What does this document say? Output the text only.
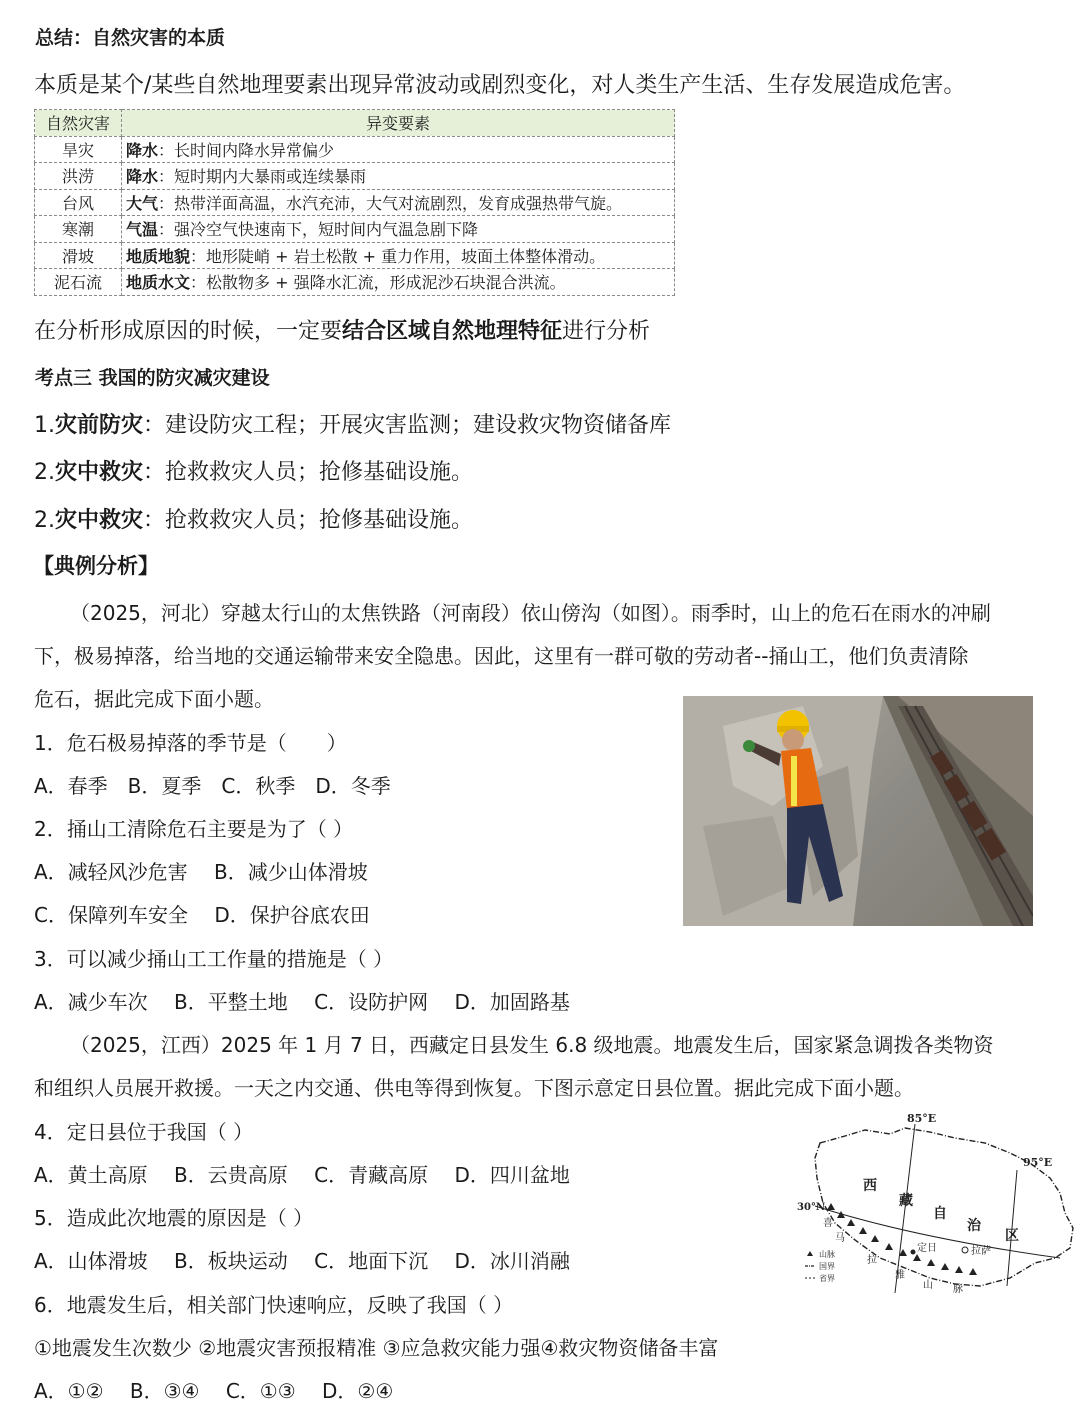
总结：自然灾害的本质
本质是某个/某些自然地理要素出现异常波动或剧烈变化，对人类生产生活、生存发展造成危害。
自然灾害	异变要素
旱灾	降水：长时间内降水异常偏少
洪涝	降水：短时期内大暴雨或连续暴雨
台风	大气：热带洋面高温，水汽充沛，大气对流剧烈，发育成强热带气旋。
寒潮	气温：强冷空气快速南下，短时间内气温急剧下降
滑坡	地质地貌：地形陡峭 + 岩土松散 + 重力作用，坡面土体整体滑动。
泥石流	地质水文：松散物多 + 强降水汇流，形成泥沙石块混合洪流。
在分析形成原因的时候，一定要结合区域自然地理特征进行分析
考点三 我国的防灾减灾建设
1.灾前防灾：建设防灾工程；开展灾害监测；建设救灾物资储备库
2.灾中救灾：抢救救灾人员；抢修基础设施。
2.灾中救灾：抢救救灾人员；抢修基础设施。
【典例分析】
（2025，河北）穿越太行山的太焦铁路（河南段）依山傍沟（如图）。雨季时，山上的危石在雨水的冲刷
下，极易掉落，给当地的交通运输带来安全隐患。因此，这里有一群可敬的劳动者--捅山工，他们负责清除
危石，据此完成下面小题。
1．危石极易掉落的季节是（　　）
A．春季　B．夏季　C．秋季　D．冬季
2．捅山工清除危石主要是为了（ ）
A．减轻风沙危害　 B．减少山体滑坡
C．保障列车安全　 D．保护谷底农田
3．可以减少捅山工工作量的措施是（ ）
A．减少车次　 B．平整土地　 C．设防护网　 D．加固路基
（2025，江西）2025 年 1 月 7 日，西藏定日县发生 6.8 级地震。地震发生后，国家紧急调拨各类物资
和组织人员展开救援。一天之内交通、供电等得到恢复。下图示意定日县位置。据此完成下面小题。
4．定日县位于我国（ ）
A．黄土高原　 B．云贵高原　 C．青藏高原　 D．四川盆地
5．造成此次地震的原因是（ ）
A．山体滑坡　 B．板块运动　 C．地面下沉　 D．冰川消融
6．地震发生后，相关部门快速响应，反映了我国（ ）
①地震发生次数少 ②地震灾害预报精准 ③应急救灾能力强④救灾物资储备丰富
A．①②　 B．③④　 C．①③　 D．②④
85°E
95°E
30°N
西
藏
自
治
区
喜
马
拉
雅
山 脉
定日	拉萨
山脉
国界
省界
